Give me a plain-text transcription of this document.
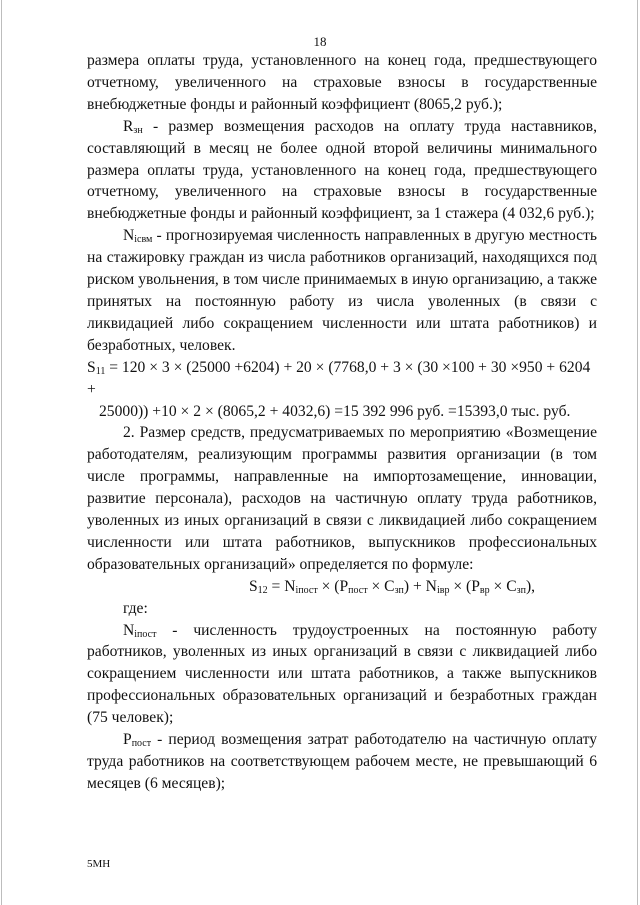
18

размера оплаты труда, установленного на конец года, предшествующего отчетному, увеличенного на страховые взносы в государственные внебюджетные фонды и районный коэффициент (8065,2 руб.);

$R_{зн}$ - размер возмещения расходов на оплату труда наставников, составляющий в месяц не более одной второй величины минимального размера оплаты труда, установленного на конец года, предшествующего отчетному, увеличенного на страховые взносы в государственные внебюджетные фонды и районный коэффициент, за 1 стажера (4 032,6 руб.);

$N_{iсвм}$ - прогнозируемая численность направленных в другую местность на стажировку граждан из числа работников организаций, находящихся под риском увольнения, в том числе принимаемых в иную организацию, а также принятых на постоянную работу из числа уволенных (в связи с ликвидацией либо сокращением численности или штата работников) и безработных, человек.

$S_{11} = 120 \times 3 \times (25000 +6204) + 20 \times (7768,0 + 3 \times (30 \times 100 + 30 \times 950 + 6204$ +

25000)) +10 × 2 × (8065,2 + 4032,6) =15 392 996 руб. =15393,0 тыс. руб.

2. Размер средств, предусматриваемых по мероприятию «Возмещение работодателям, реализующим программы развития организации (в том числе программы, направленные на импортозамещение, инновации, развитие персонала), расходов на частичную оплату труда работников, уволенных из иных организаций в связи с ликвидацией либо сокращением численности или штата работников, выпускников профессиональных образовательных организаций» определяется по формуле:

$S_{12} = N_{iпост} \times (P_{пост} \times C_{зп}) + N_{iвр} \times (P_{вр} \times C_{зп})$,

где:

$N_{iпост}$ - численность трудоустроенных на постоянную работу работников, уволенных из иных организаций в связи с ликвидацией либо сокращением численности или штата работников, а также выпускников профессиональных образовательных организаций и безработных граждан (75 человек);

$P_{пост}$ - период возмещения затрат работодателю на частичную оплату труда работников на соответствующем рабочем месте, не превышающий 6 месяцев (6 месяцев);

5МН
